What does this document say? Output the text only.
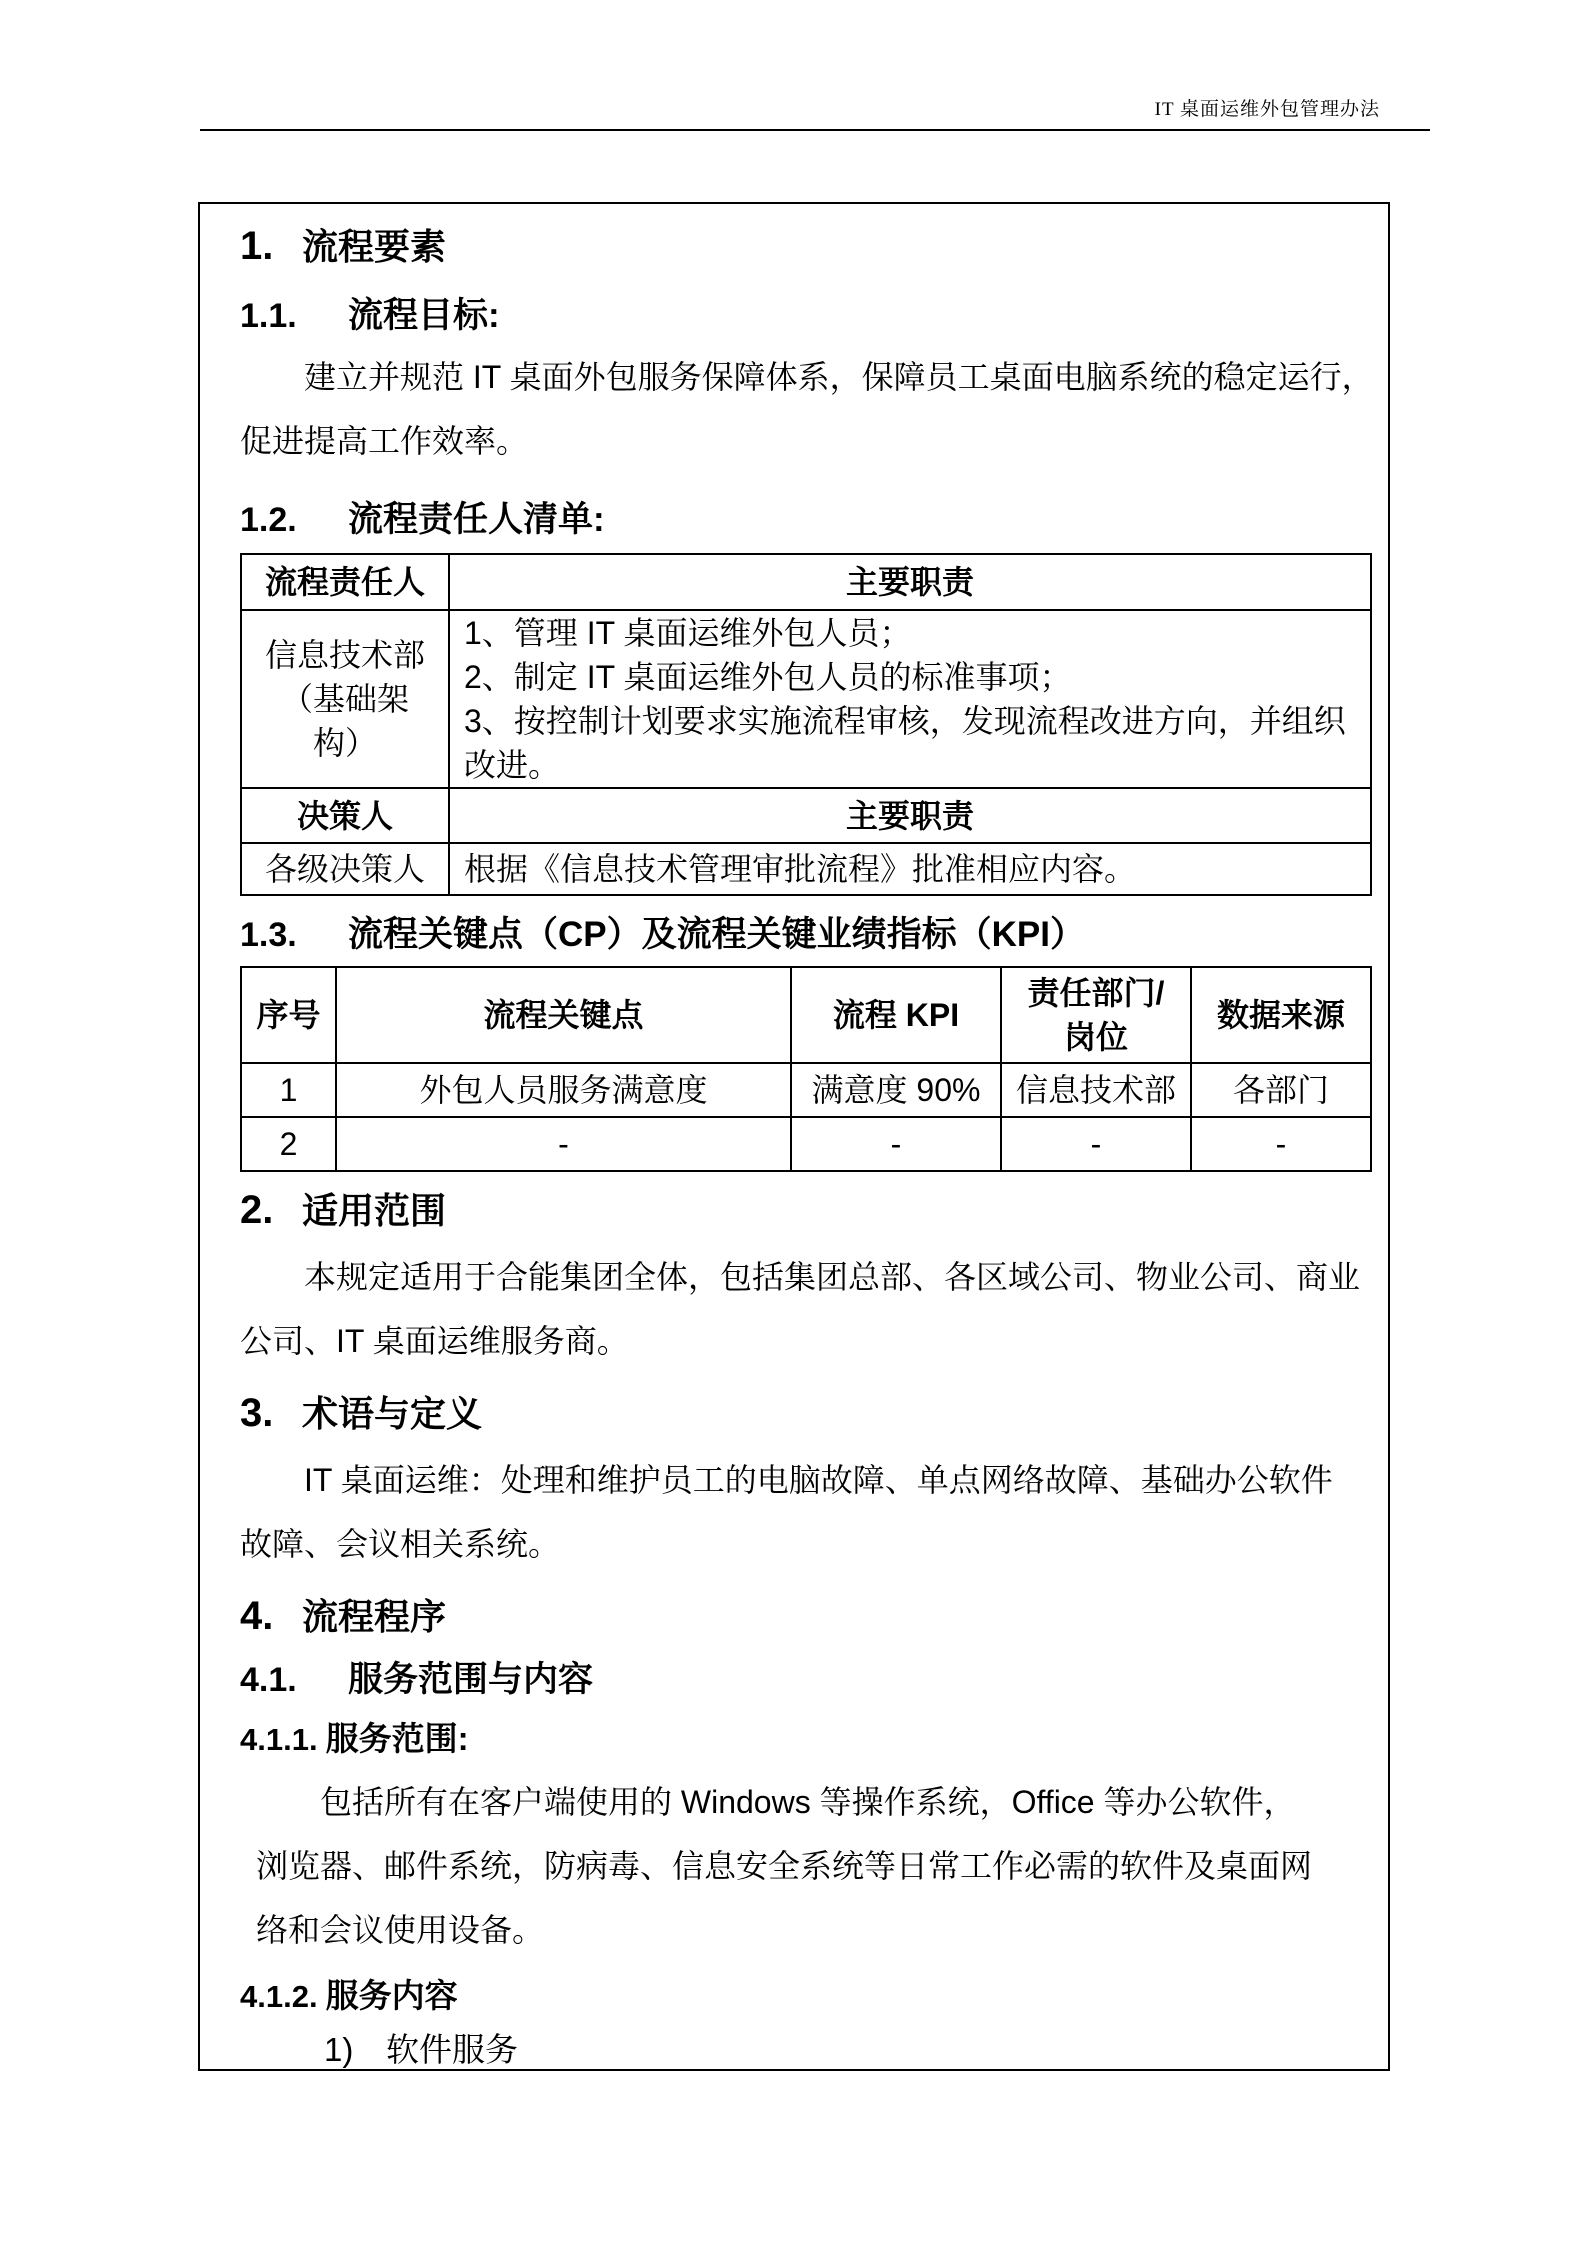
IT 桌面运维外包管理办法
1. 流程要素
1.1.	流程目标:
建立并规范 IT 桌面外包服务保障体系，保障员工桌面电脑系统的稳定运行，促进提高工作效率。
1.2.	流程责任人清单:
流程责任人	主要职责
信息技术部（基础架构）	1、管理 IT 桌面运维外包人员；
2、制定 IT 桌面运维外包人员的标准事项；
3、按控制计划要求实施流程审核，发现流程改进方向，并组织改进。

决策人	主要职责
各级决策人	根据《信息技术管理审批流程》批准相应内容。
1.3.	流程关键点（CP）及流程关键业绩指标（KPI）
序号	流程关键点	流程 KPI	责任部门/岗位	数据来源
1	外包人员服务满意度	满意度 90%	信息技术部	各部门
2	-	-	-	-
2. 适用范围
本规定适用于合能集团全体，包括集团总部、各区域公司、物业公司、商业公司、IT 桌面运维服务商。
3. 术语与定义
IT 桌面运维：处理和维护员工的电脑故障、单点网络故障、基础办公软件故障、会议相关系统。
4. 流程程序
4.1.	服务范围与内容
4.1.1. 服务范围:
包括所有在客户端使用的 Windows 等操作系统，Office 等办公软件，浏览器、邮件系统，防病毒、信息安全系统等日常工作必需的软件及桌面网络和会议使用设备。
4.1.2. 服务内容
1) 软件服务
